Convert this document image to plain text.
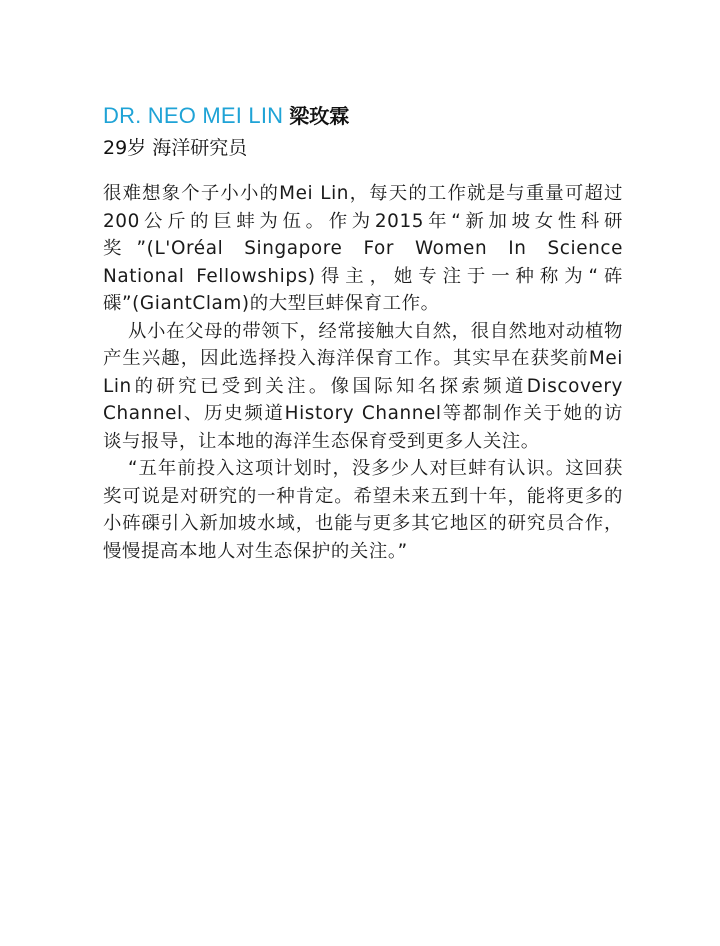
DR. NEO MEI LIN 梁玫霖
29岁 海洋研究员

很难想象个子小小的Mei Lin，每天的工作就是与重量可超过200公斤的巨蚌为伍。作为2015年“新加坡女性科研奖”(L'Oréal Singapore For Women In Science National Fellowships)得主，她专注于一种称为“砗磲”(GiantClam)的大型巨蚌保育工作。

从小在父母的带领下，经常接触大自然，很自然地对动植物产生兴趣，因此选择投入海洋保育工作。其实早在获奖前Mei Lin的研究已受到关注。像国际知名探索频道Discovery Channel、历史频道History Channel等都制作关于她的访谈与报导，让本地的海洋生态保育受到更多人关注。

“五年前投入这项计划时，没多少人对巨蚌有认识。这回获奖可说是对研究的一种肯定。希望未来五到十年，能将更多的小砗磲引入新加坡水域，也能与更多其它地区的研究员合作，慢慢提高本地人对生态保护的关注。”
